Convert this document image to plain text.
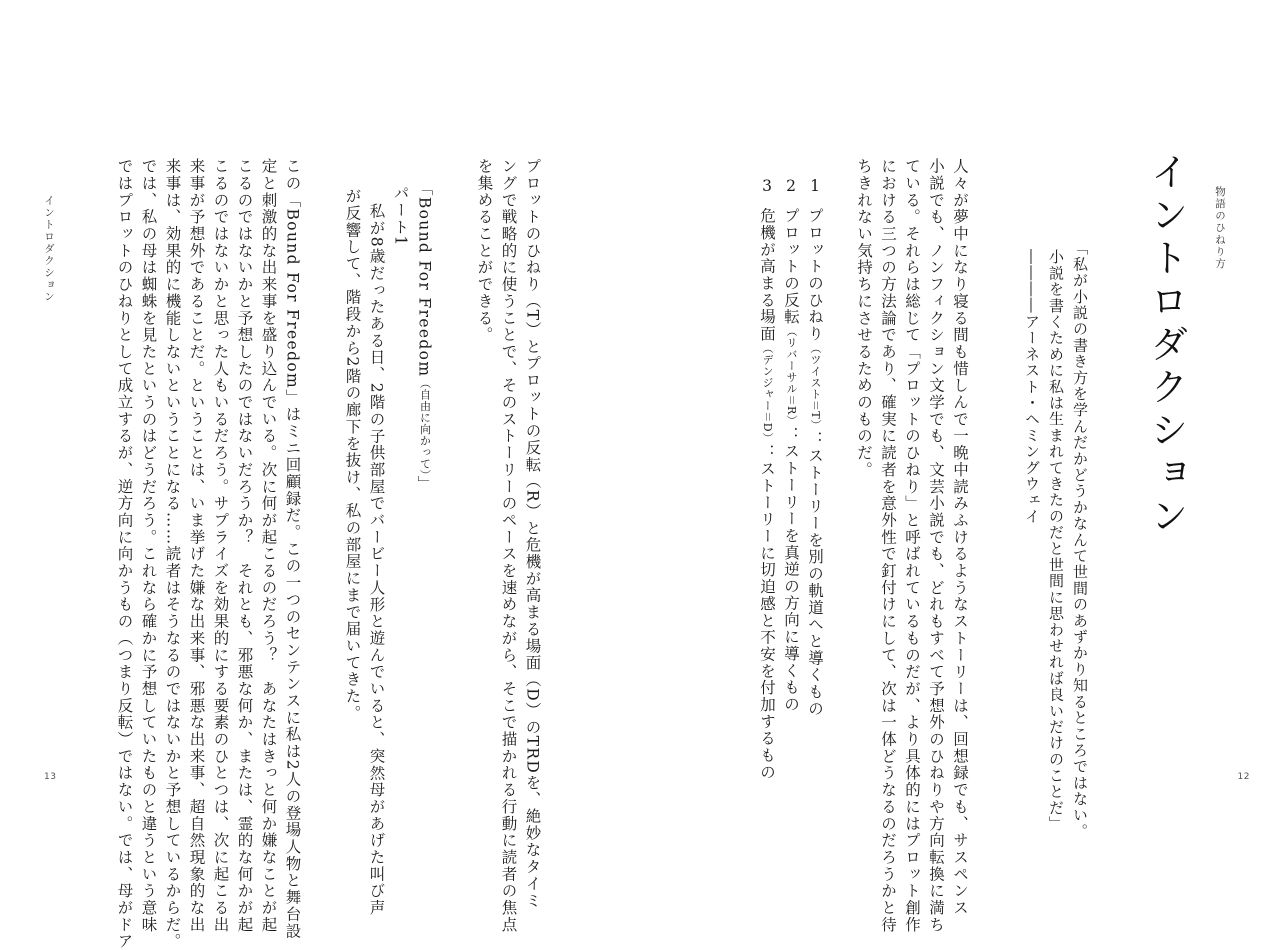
物語のひねり方
12
イントロダクション
「私が小説の書き方を学んだかどうかなんて世間のあずかり知るところではない。
小説を書くために私は生まれてきたのだと世間に思わせれば良いだけのことだ」
――――アーネスト・ヘミングウェイ
人々が夢中になり寝る間も惜しんで一晩中読みふけるようなストーリーは、回想録でも、サスペンス
小説でも、ノンフィクション文学でも、文芸小説でも、どれもすべて予想外のひねりや方向転換に満ち
ている。それらは総じて「プロットのひねり」と呼ばれているものだが、より具体的にはプロット創作
における三つの方法論であり、確実に読者を意外性で釘付けにして、次は一体どうなるのだろうかと待
ちきれない気持ちにさせるためのものだ。
1プロットのひねり（ツイスト＝T）：ストーリーを別の軌道へと導くもの
2プロットの反転（リバーサル＝R）：ストーリーを真逆の方向に導くもの
3危機が高まる場面（デンジャー＝D）：ストーリーに切迫感と不安を付加するもの
プロットのひねり（T）とプロットの反転（R）と危機が高まる場面（D）のTRDを、絶妙なタイミ
ングで戦略的に使うことで、そのストーリーのペースを速めながら、そこで描かれる行動に読者の焦点
を集めることができる。
「Bound For Freedom（自由に向かって）」
パート1
私が8歳だったある日、2階の子供部屋でバービー人形と遊んでいると、突然母があげた叫び声
が反響して、階段から2階の廊下を抜け、私の部屋にまで届いてきた。
この「Bound For Freedom」はミニ回顧録だ。この一つのセンテンスに私は2人の登場人物と舞台設
定と刺激的な出来事を盛り込んでいる。次に何が起こるのだろう？　あなたはきっと何か嫌なことが起
こるのではないかと予想したのではないだろうか？　それとも、邪悪な何か、または、霊的な何かが起
こるのではないかと思った人もいるだろう。サプライズを効果的にする要素のひとつは、次に起こる出
来事が予想外であることだ。ということは、いま挙げた嫌な出来事、邪悪な出来事、超自然現象的な出
来事は、効果的に機能しないということになる……読者はそうなるのではないかと予想しているからだ。
では、私の母は蜘蛛を見たというのはどうだろう。これなら確かに予想していたものと違うという意味
ではプロットのひねりとして成立するが、逆方向に向かうもの（つまり反転）ではない。では、母がドア
イントロダクション
13
